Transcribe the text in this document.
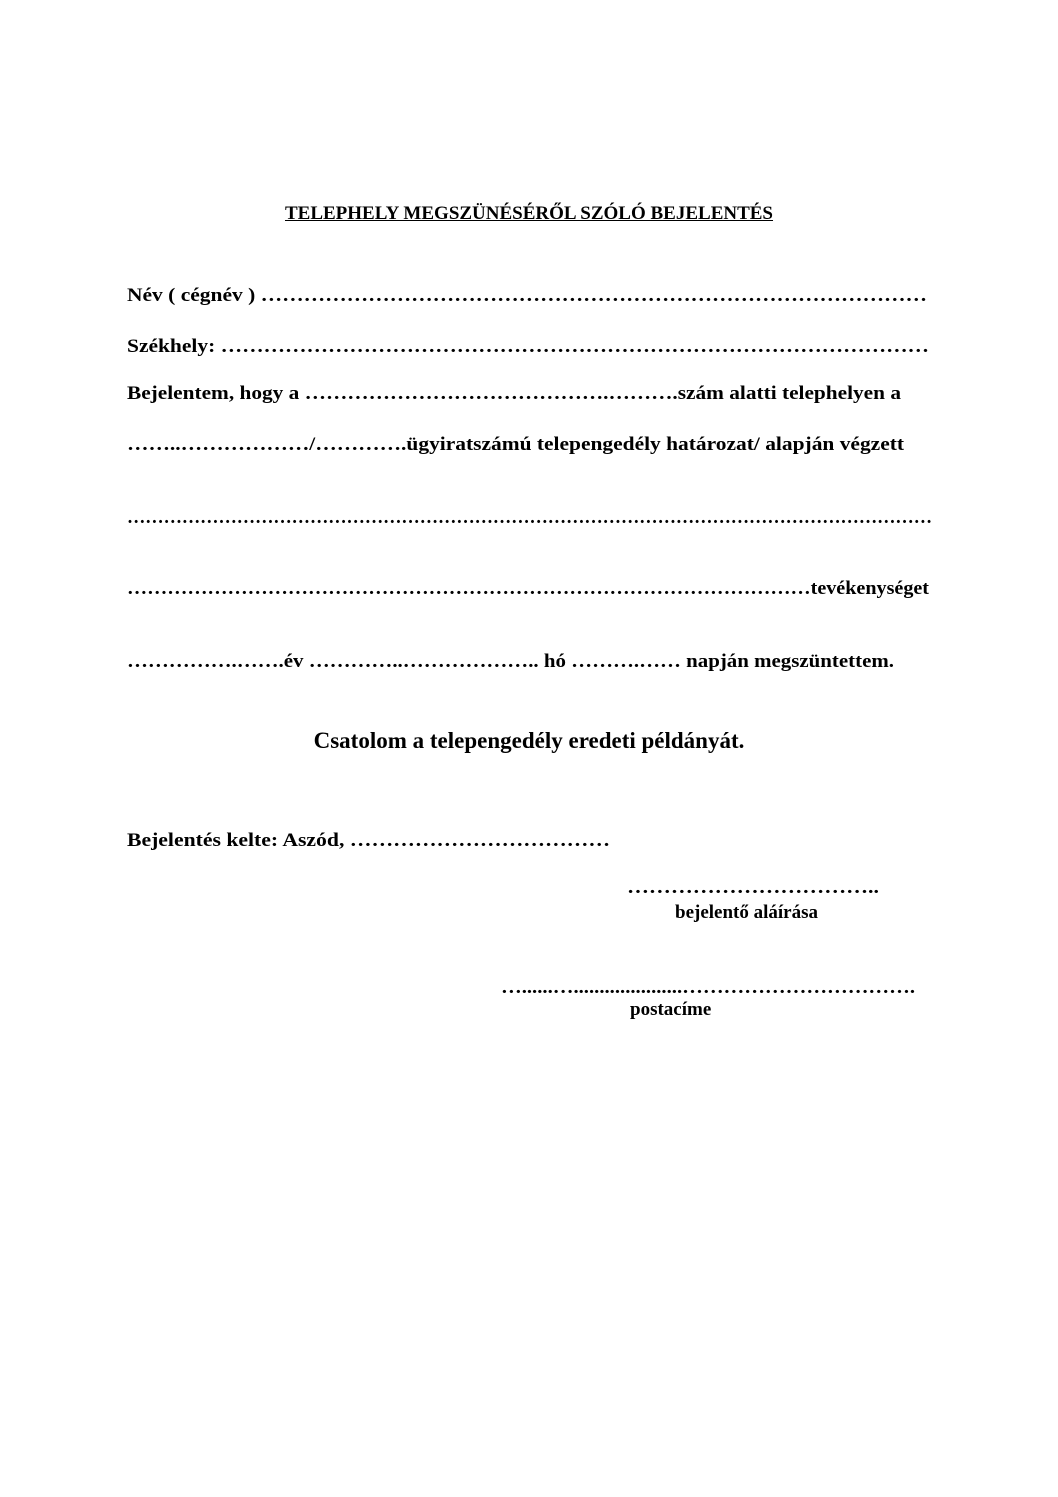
TELEPHELY MEGSZÜNÉSÉRŐL SZÓLÓ BEJELENTÉS
Név ( cégnév ) …………………………………………………………………………………
Székhely: ………………………………………………………………………………………
Bejelentem, hogy a …………………………………….……….szám alatti telephelyen a
……..………………/………….ügyiratszámú telepengedély határozat/ alapján végzett
……………………………………………………………………………………………………………………
…………………………………………………………………………………………tevékenységet
…………….…….év …………..……………….. hó ……….…… napján megszüntettem.
Csatolom a telepengedély eredeti példányát.
Bejelentés kelte: Aszód, ………………………………
……………………………..
bejelentő aláírása
…......….....................…………………………….
postacíme
